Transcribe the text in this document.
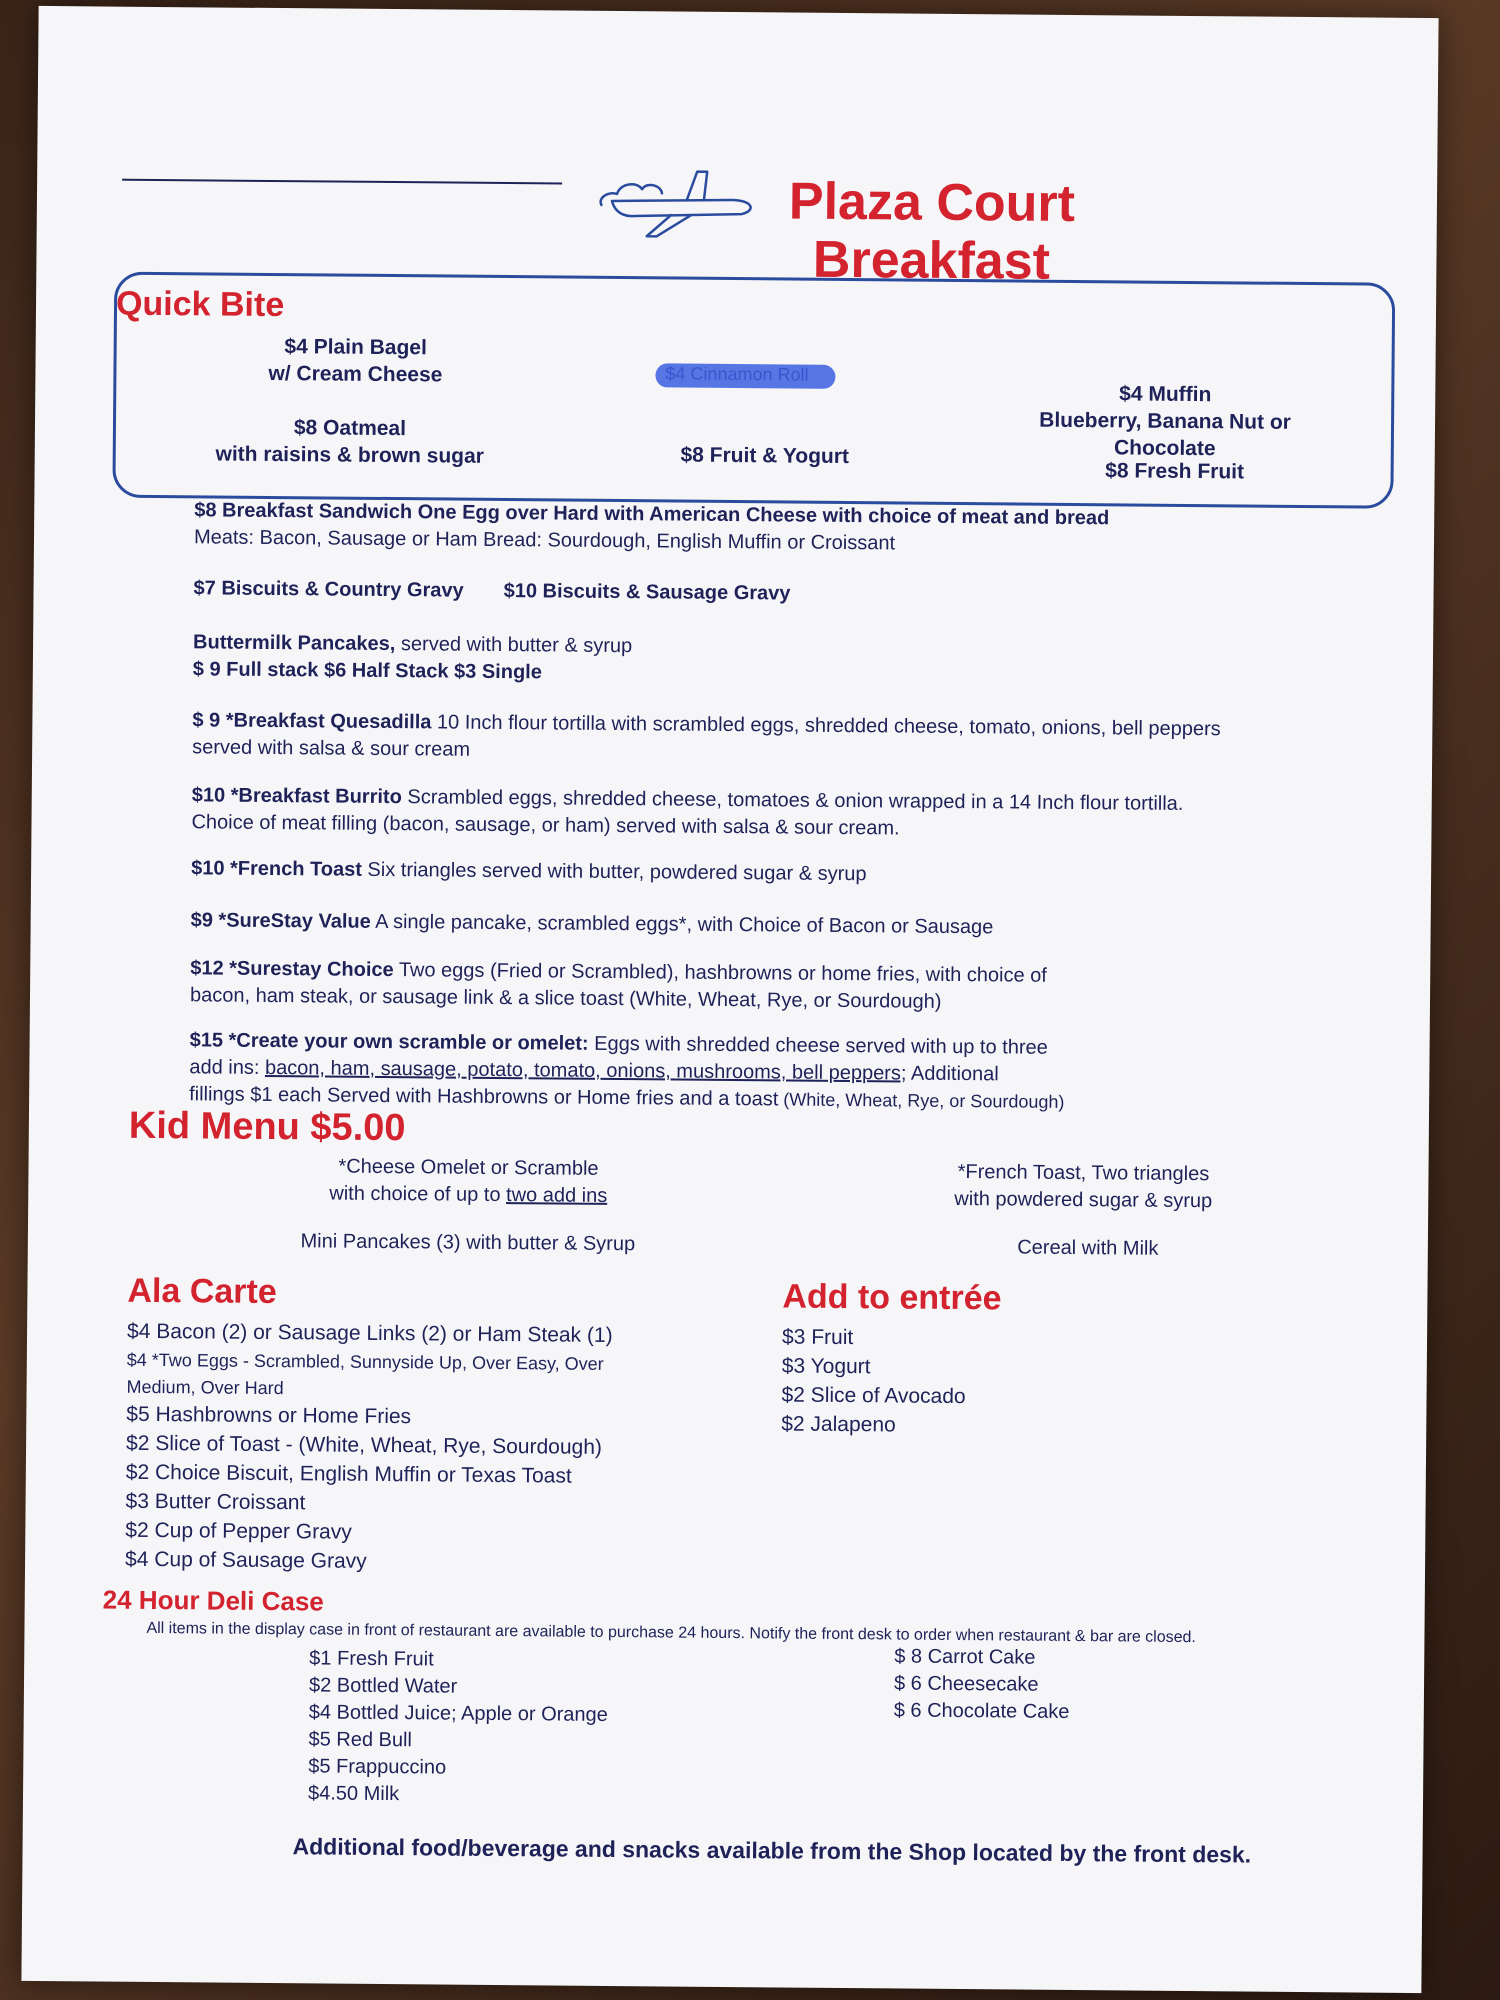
Plaza Court
Breakfast
Quick Bite
$4 Plain Bagel
w/ Cream Cheese
$4 Muffin
Blueberry, Banana Nut or Chocolate
$8 Oatmeal
with raisins & brown sugar	$8 Fruit & Yogurt
$8 Fresh Fruit
$8 Breakfast Sandwich One Egg over Hard with American Cheese with choice of meat and bread
Meats: Bacon, Sausage or Ham Bread: Sourdough, English Muffin or Croissant
$7 Biscuits & Country Gravy $10 Biscuits & Sausage Gravy
Buttermilk Pancakes, served with butter & syrup
$ 9 Full stack $6 Half Stack $3 Single
$ 9 *Breakfast Quesadilla 10 Inch flour tortilla with scrambled eggs, shredded cheese, tomato, onions, bell peppers
served with salsa & sour cream
$10 *Breakfast Burrito Scrambled eggs, shredded cheese, tomatoes & onion wrapped in a 14 Inch flour tortilla.
Choice of meat filling (bacon, sausage, or ham) served with salsa & sour cream.
$10 *French Toast Six triangles served with butter, powdered sugar & syrup
$9 *SureStay Value A single pancake, scrambled eggs*, with Choice of Bacon or Sausage
$12 *Surestay Choice Two eggs (Fried or Scrambled), hashbrowns or home fries, with choice of
bacon, ham steak, or sausage link & a slice toast (White, Wheat, Rye, or Sourdough)
$15 *Create your own scramble or omelet: Eggs with shredded cheese served with up to three
add ins: bacon, ham, sausage, potato, tomato, onions, mushrooms, bell peppers; Additional
fillings $1 each Served with Hashbrowns or Home fries and a toast (White, Wheat, Rye, or Sourdough)
Kid Menu $5.00
*Cheese Omelet or Scramble
with choice of up to two add ins
*French Toast, Two triangles
with powdered sugar & syrup
Mini Pancakes (3) with butter & Syrup	Cereal with Milk
Ala Carte
$4 Bacon (2) or Sausage Links (2) or Ham Steak (1)
$4 *Two Eggs - Scrambled, Sunnyside Up, Over Easy, Over
Medium, Over Hard
$5 Hashbrowns or Home Fries
$2 Slice of Toast - (White, Wheat, Rye, Sourdough)
$2 Choice Biscuit, English Muffin or Texas Toast
$3 Butter Croissant
$2 Cup of Pepper Gravy
$4 Cup of Sausage Gravy
Add to entrée
$3 Fruit
$3 Yogurt
$2 Slice of Avocado
$2 Jalapeno
24 Hour Deli Case
All items in the display case in front of restaurant are available to purchase 24 hours. Notify the front desk to order when restaurant & bar are closed.
$1 Fresh Fruit
$2 Bottled Water
$4 Bottled Juice; Apple or Orange
$5 Red Bull
$5 Frappuccino
$4.50 Milk
$ 8 Carrot Cake
$ 6 Cheesecake
$ 6 Chocolate Cake
Additional food/beverage and snacks available from the Shop located by the front desk.
